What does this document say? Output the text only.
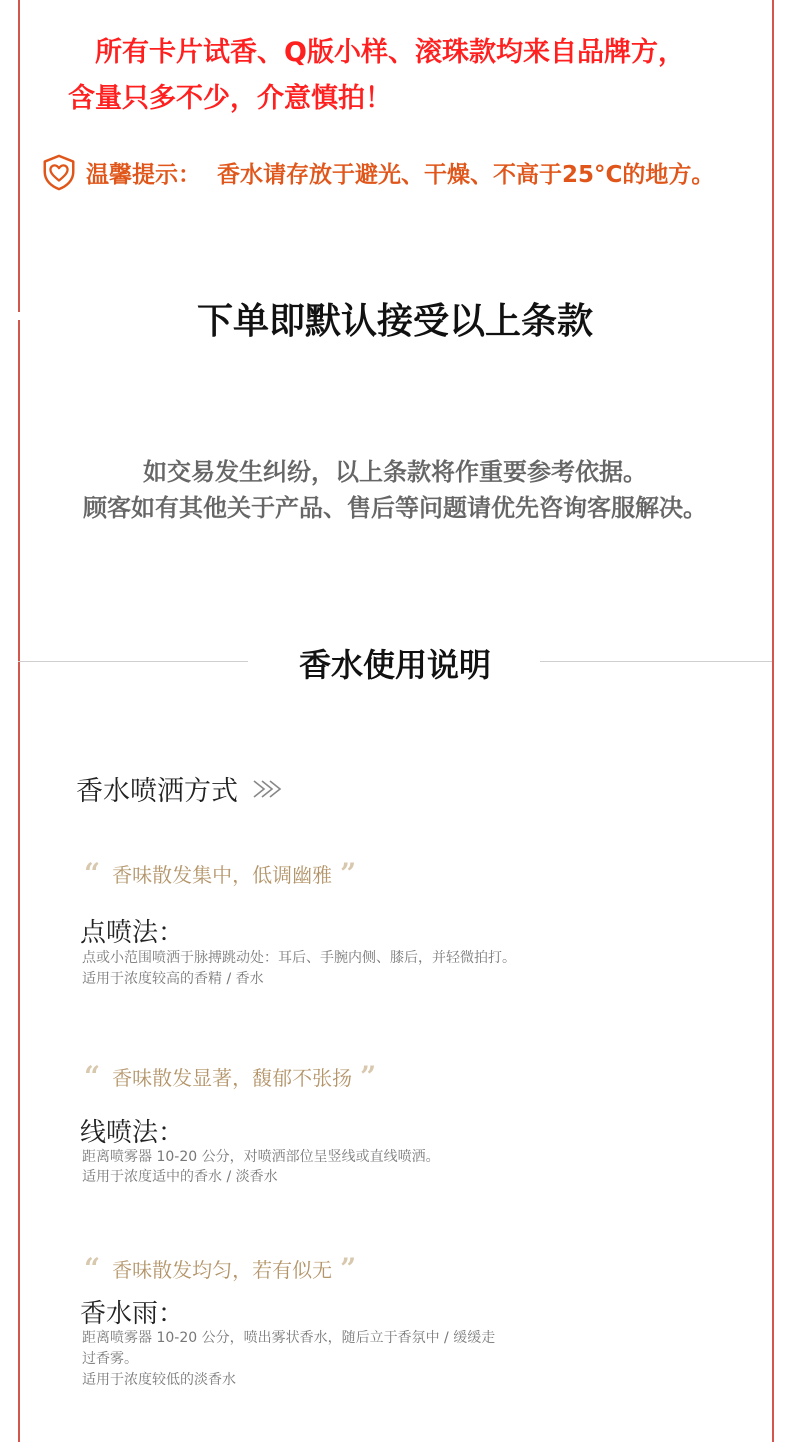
所有卡片试香、Q版小样、滚珠款均来自品牌方，
含量只多不少，介意慎拍！
温馨提示： 香水请存放于避光、干燥、不高于25°C的地方。
下单即默认接受以上条款
如交易发生纠纷，以上条款将作重要参考依据。
顾客如有其他关于产品、售后等问题请优先咨询客服解决。
香水使用说明
香水喷洒方式
“ 香味散发集中，低调幽雅 ”
点喷法：
点或小范围喷洒于脉搏跳动处：耳后、手腕内侧、膝后，并轻微拍打。
适用于浓度较高的香精 / 香水
“ 香味散发显著，馥郁不张扬 ”
线喷法：
距离喷雾器 10-20 公分，对喷洒部位呈竖线或直线喷洒。
适用于浓度适中的香水 / 淡香水
“ 香味散发均匀，若有似无 ”
香水雨：
距离喷雾器 10-20 公分，喷出雾状香水，随后立于香氛中 / 缓缓走
过香雾。
适用于浓度较低的淡香水
